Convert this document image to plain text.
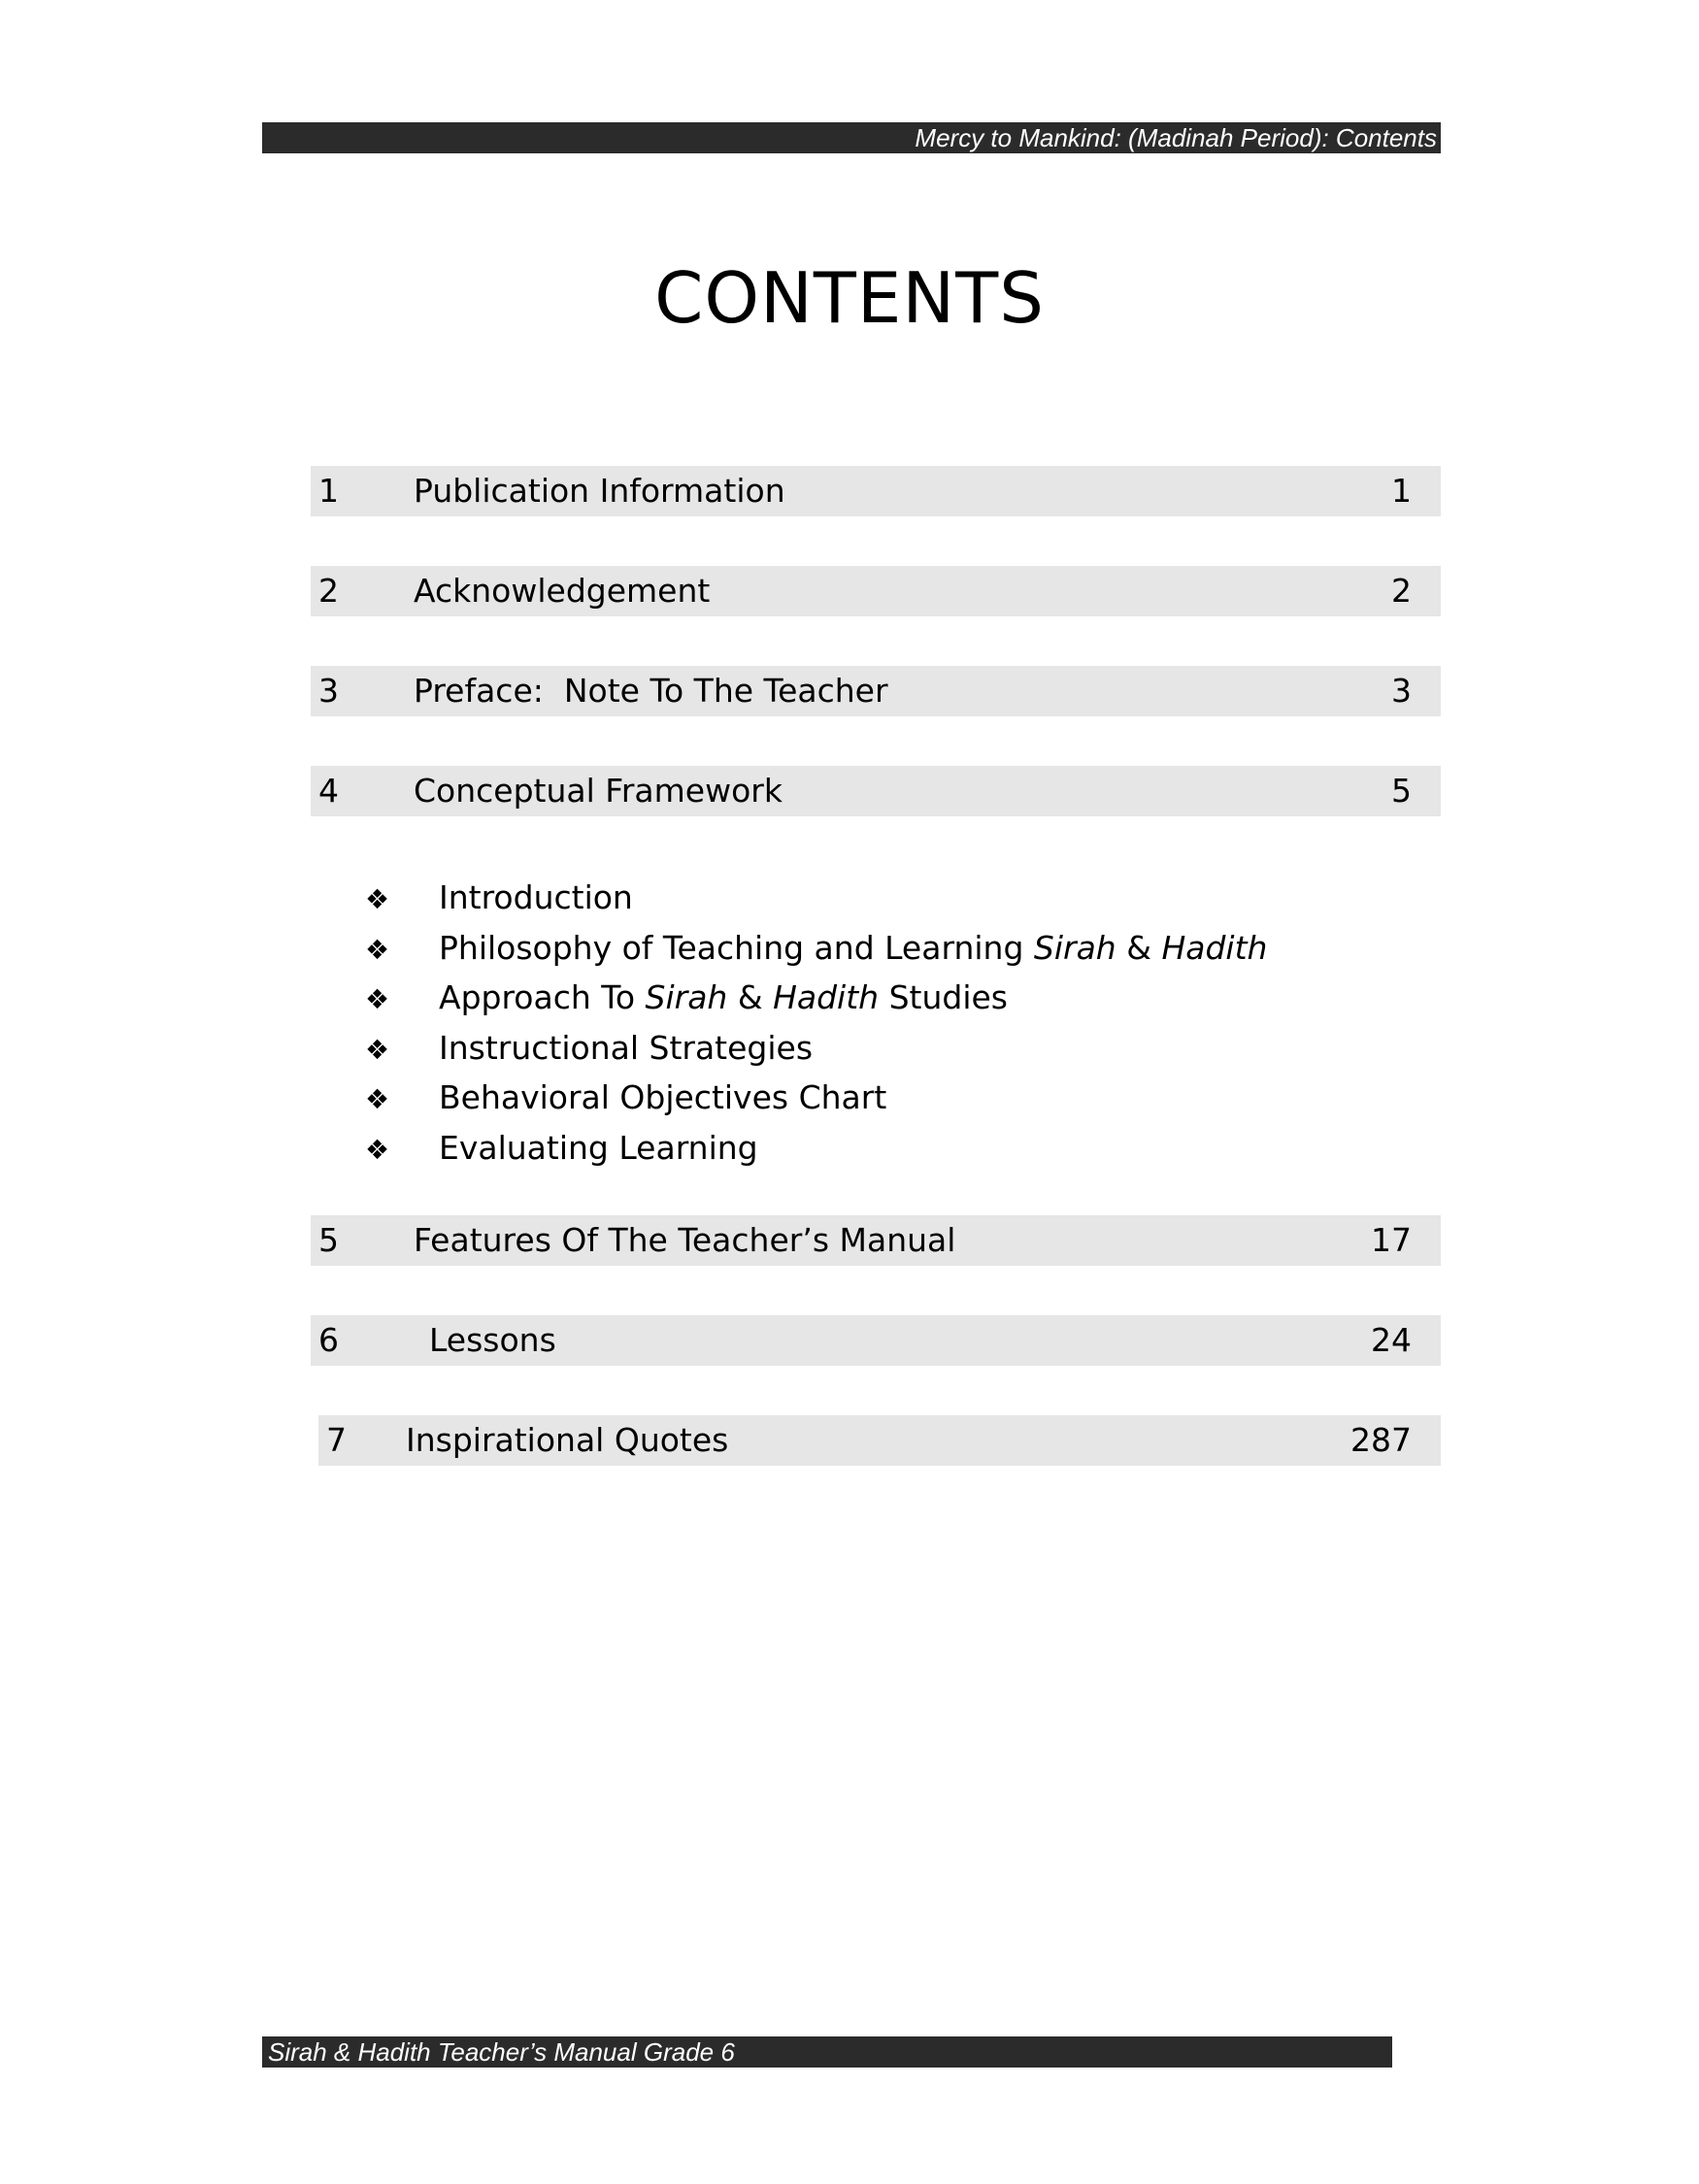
Mercy to Mankind: (Madinah Period): Contents
CONTENTS
1 Publication Information	1
2 Acknowledgement	2
3 Preface:  Note To The Teacher	3
4 Conceptual Framework	5
❖ Introduction
❖ Philosophy of Teaching and Learning Sirah & Hadith
❖ Approach To Sirah & Hadith Studies
❖ Instructional Strategies
❖ Behavioral Objectives Chart
❖ Evaluating Learning
5 Features Of The Teacher’s Manual	17
6	Lessons	24
7 Inspirational Quotes	287
Sirah & Hadith Teacher’s Manual Grade 6
